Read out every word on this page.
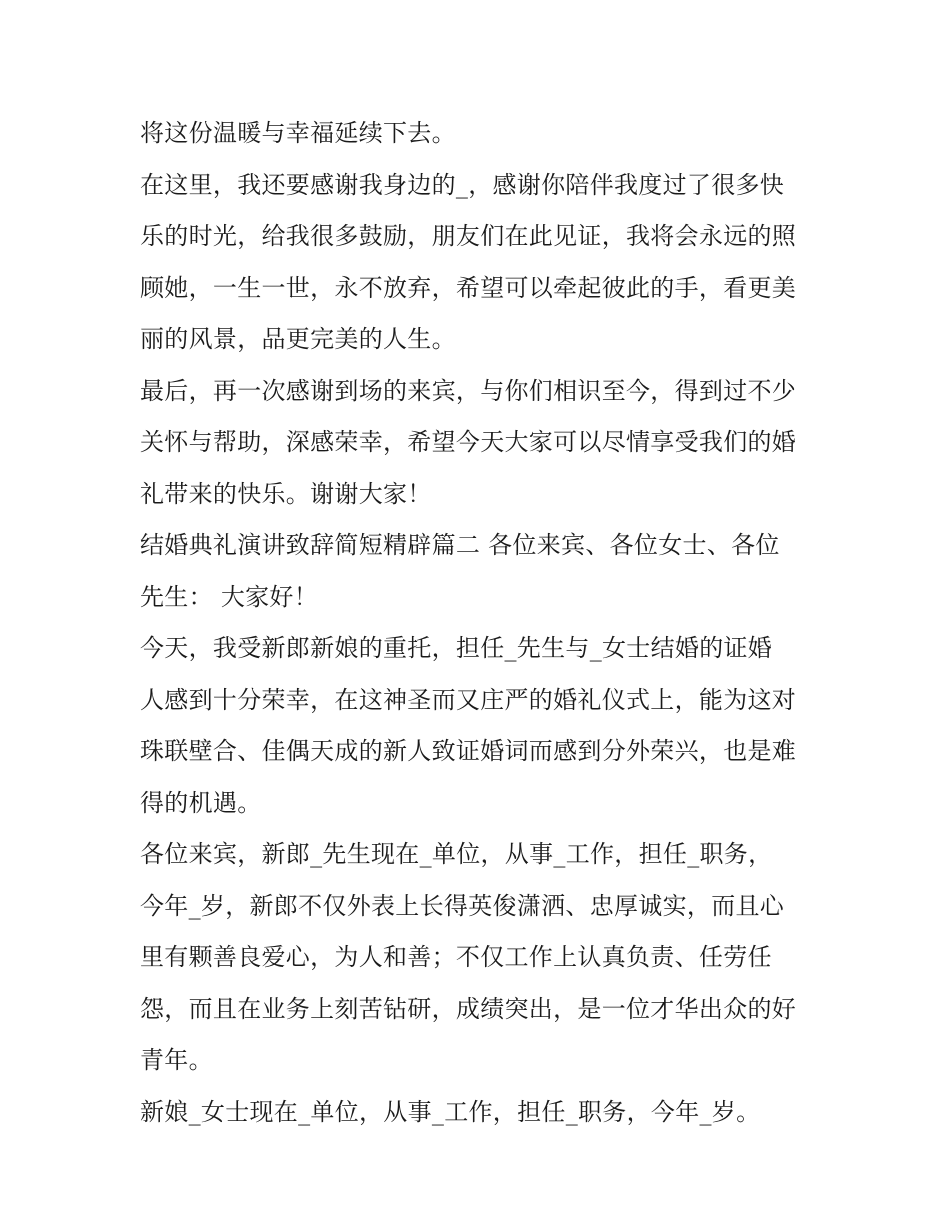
将这份温暖与幸福延续下去。

在这里，我还要感谢我身边的_，感谢你陪伴我度过了很多快
乐的时光，给我很多鼓励，朋友们在此见证，我将会永远的照
顾她，一生一世，永不放弃，希望可以牵起彼此的手，看更美
丽的风景，品更完美的人生。

最后，再一次感谢到场的来宾，与你们相识至今，得到过不少
关怀与帮助，深感荣幸，希望今天大家可以尽情享受我们的婚
礼带来的快乐。谢谢大家！

结婚典礼演讲致辞简短精辟篇二 各位来宾、各位女士、各位
先生： 大家好！

今天，我受新郎新娘的重托，担任_先生与_女士结婚的证婚
人感到十分荣幸，在这神圣而又庄严的婚礼仪式上，能为这对
珠联壁合、佳偶天成的新人致证婚词而感到分外荣兴，也是难
得的机遇。

各位来宾，新郎_先生现在_单位，从事_工作，担任_职务，
今年_岁，新郎不仅外表上长得英俊潇洒、忠厚诚实，而且心
里有颗善良爱心，为人和善；不仅工作上认真负责、任劳任
怨，而且在业务上刻苦钻研，成绩突出，是一位才华出众的好
青年。

新娘_女士现在_单位，从事_工作，担任_职务，今年_岁。
